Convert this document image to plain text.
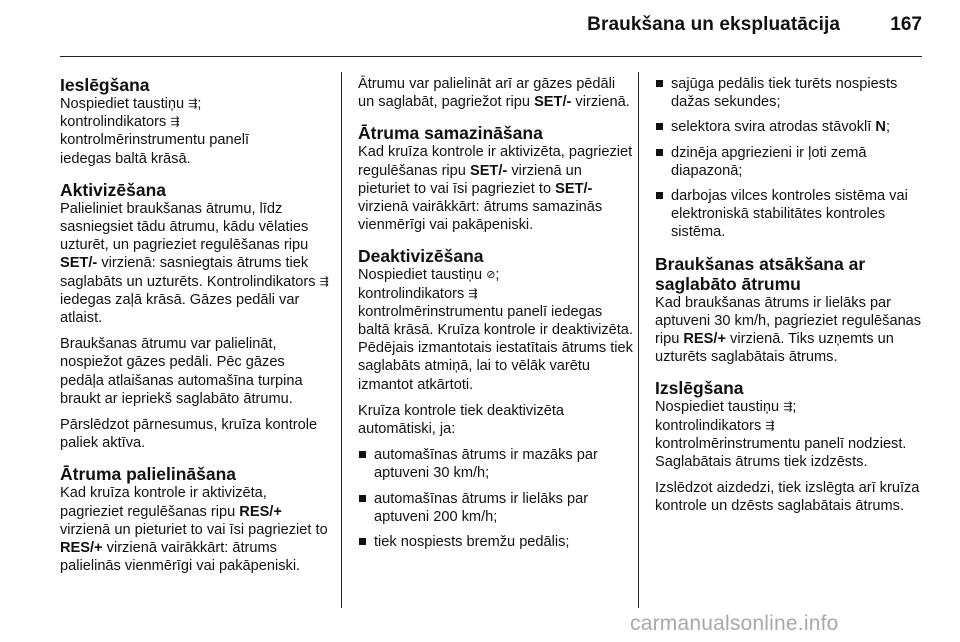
Braukšana un ekspluatācija	167
Ieslēgšana

Nospiediet taustiņu ⇶;
kontrolindikators ⇶
kontrolmērinstrumentu panelī
iedegas baltā krāsā.

Aktivizēšana

Palieliniet braukšanas ātrumu, līdz sasniegsiet tādu ātrumu, kādu vēlaties uzturēt, un pagrieziet regulēšanas ripu SET/- virzienā: sasniegtais ātrums tiek saglabāts un uzturēts. Kontrolindikators ⇶ iedegas zaļā krāsā. Gāzes pedāli var atlaist.

Braukšanas ātrumu var palielināt, nospiežot gāzes pedāli. Pēc gāzes pedāļa atlaišanas automašīna turpina braukt ar iepriekš saglabāto ātrumu.

Pārslēdzot pārnesumus, kruīza kontrole paliek aktīva.

Ātruma palielināšana

Kad kruīza kontrole ir aktivizēta, pagrieziet regulēšanas ripu RES/+ virzienā un pieturiet to vai īsi pagrieziet to RES/+ virzienā vairākkārt: ātrums palielinās vienmērīgi vai pakāpeniski.

Ātrumu var palielināt arī ar gāzes pēdāli un saglabāt, pagriežot ripu SET/- virzienā.

Ātruma samazināšana

Kad kruīza kontrole ir aktivizēta, pagrieziet regulēšanas ripu SET/- virzienā un pieturiet to vai īsi pagrieziet to SET/- virzienā vairākkārt: ātrums samazinās vienmērīgi vai pakāpeniski.

Deaktivizēšana

Nospiediet taustiņu ⊘;
kontrolindikators ⇶
kontrolmērinstrumentu panelī iedegas baltā krāsā. Kruīza kontrole ir deaktivizēta. Pēdējais izmantotais iestatītais ātrums tiek saglabāts atmiņā, lai to vēlāk varētu izmantot atkārtoti.

Kruīza kontrole tiek deaktivizēta automātiski, ja:

automašīnas ātrums ir mazāks par aptuveni 30 km/h;
automašīnas ātrums ir lielāks par aptuveni 200 km/h;
tiek nospiests bremžu pedālis;
sajūga pedālis tiek turēts nospiests dažas sekundes;
selektora svira atrodas stāvoklī N;
dzinēja apgriezieni ir ļoti zemā diapazonā;
darbojas vilces kontroles sistēma vai elektroniskā stabilitātes kontroles sistēma.
Braukšanas atsākšana ar saglabāto ātrumu

Kad braukšanas ātrums ir lielāks par aptuveni 30 km/h, pagrieziet regulēšanas ripu RES/+ virzienā. Tiks uzņemts un uzturēts saglabātais ātrums.

Izslēgšana

Nospiediet taustiņu ⇶;
kontrolindikators ⇶
kontrolmērinstrumentu panelī nodziest. Saglabātais ātrums tiek izdzēsts.

Izslēdzot aizdedzi, tiek izslēgta arī kruīza kontrole un dzēsts saglabātais ātrums.

carmanualsonline.info
